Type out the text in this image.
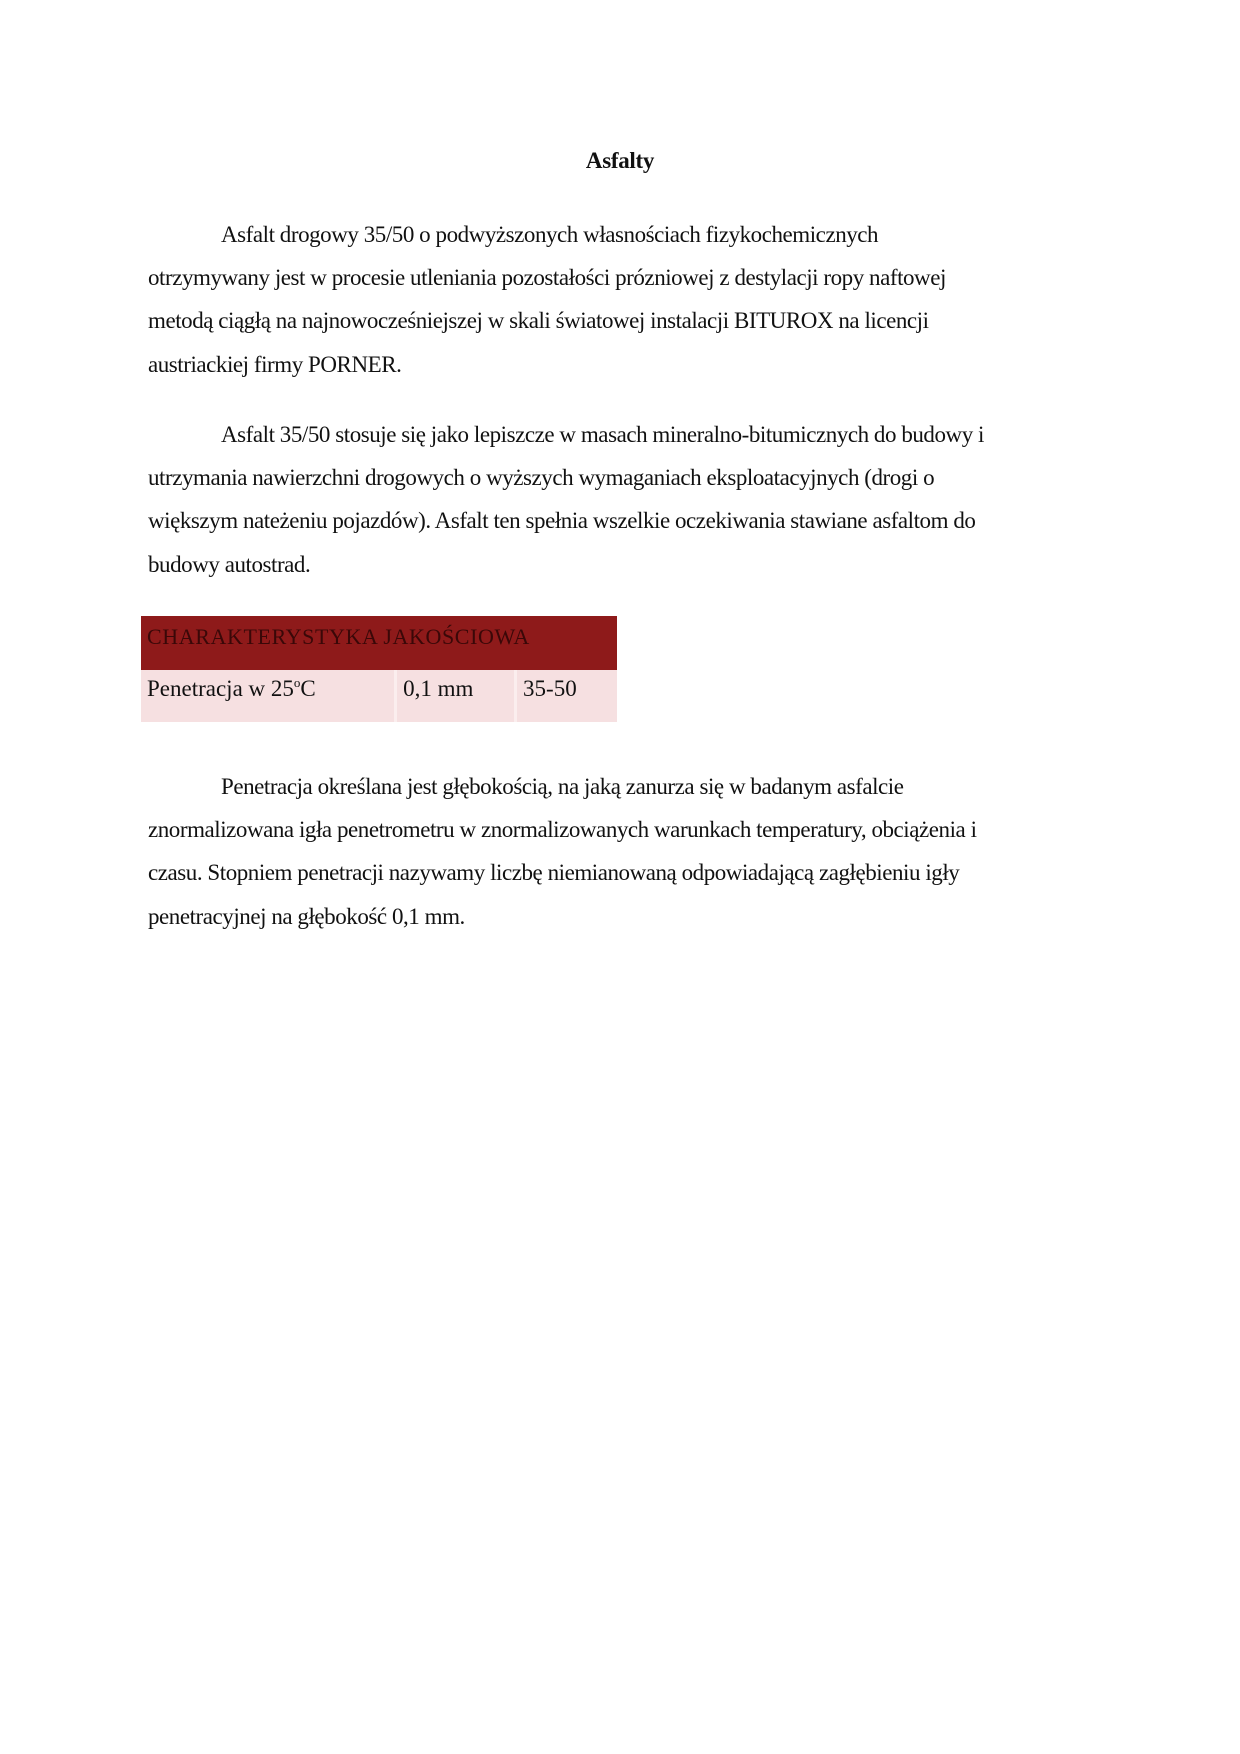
Asfalty

Asfalt drogowy 35/50 o podwyższonych własnościach fizykochemicznych
otrzymywany jest w procesie utleniania pozostałości prózniowej z destylacji ropy naftowej
metodą ciągłą na najnowocześniejszej w skali światowej instalacji BITUROX na licencji
austriackiej firmy PORNER.

Asfalt 35/50 stosuje się jako lepiszcze w masach mineralno-bitumicznych do budowy i
utrzymania nawierzchni drogowych o wyższych wymaganiach eksploatacyjnych (drogi o
większym nateżeniu pojazdów). Asfalt ten spełnia wszelkie oczekiwania stawiane asfaltom do
budowy autostrad.

CHARAKTERYSTYKA JAKOŚCIOWA
Penetracja w 25$^o$C	0,1 mm	35-50

Penetracja określana jest głębokością, na jaką zanurza się w badanym asfalcie
znormalizowana igła penetrometru w znormalizowanych warunkach temperatury, obciążenia i
czasu. Stopniem penetracji nazywamy liczbę niemianowaną odpowiadającą zagłębieniu igły
penetracyjnej na głębokość 0,1 mm.
